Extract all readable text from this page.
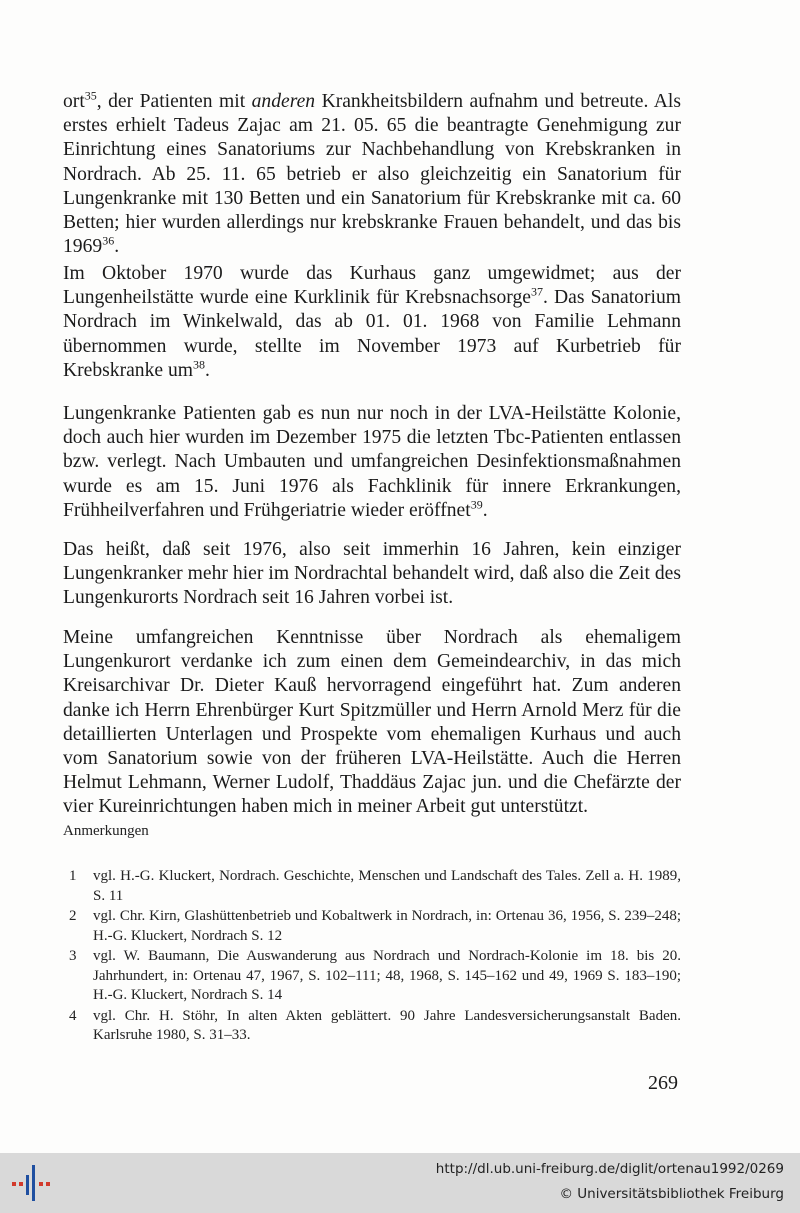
ort$^{35}$, der Patienten mit anderen Krankheitsbildern aufnahm und betreute. Als erstes erhielt Tadeus Zajac am 21. 05. 65 die beantragte Genehmigung zur Einrichtung eines Sanatoriums zur Nachbehandlung von Krebskranken in Nordrach. Ab 25. 11. 65 betrieb er also gleichzeitig ein Sanatorium für Lungenkranke mit 130 Betten und ein Sanatorium für Krebskranke mit ca. 60 Betten; hier wurden allerdings nur krebskranke Frauen behandelt, und das bis 1969$^{36}$.

Im Oktober 1970 wurde das Kurhaus ganz umgewidmet; aus der Lungenheilstätte wurde eine Kurklinik für Krebsnachsorge$^{37}$. Das Sanatorium Nordrach im Winkelwald, das ab 01. 01. 1968 von Familie Lehmann übernommen wurde, stellte im November 1973 auf Kurbetrieb für Krebskranke $um^{38}$.

Lungenkranke Patienten gab es nun nur noch in der LVA-Heilstätte Kolonie, doch auch hier wurden im Dezember 1975 die letzten Tbc-Patienten entlassen bzw. verlegt. Nach Umbauten und umfangreichen Desinfektionsmaßnahmen wurde es am 15. Juni 1976 als Fachklinik für innere Erkrankungen, Frühheilverfahren und Frühgeriatrie wieder eröffnet$^{39}$.

Das heißt, daß seit 1976, also seit immerhin 16 Jahren, kein einziger Lungenkranker mehr hier im Nordrachtal behandelt wird, daß also die Zeit des Lungenkurorts Nordrach seit 16 Jahren vorbei ist.

Meine umfangreichen Kenntnisse über Nordrach als ehemaligem Lungenkurort verdanke ich zum einen dem Gemeindearchiv, in das mich Kreisarchivar Dr. Dieter Kauß hervorragend eingeführt hat. Zum anderen danke ich Herrn Ehrenbürger Kurt Spitzmüller und Herrn Arnold Merz für die detaillierten Unterlagen und Prospekte vom ehemaligen Kurhaus und auch vom Sanatorium sowie von der früheren LVA-Heilstätte. Auch die Herren Helmut Lehmann, Werner Ludolf, Thaddäus Zajac jun. und die Chefärzte der vier Kureinrichtungen haben mich in meiner Arbeit gut unterstützt.

Anmerkungen
1	vgl. H.-G. Kluckert, Nordrach. Geschichte, Menschen und Landschaft des Tales. Zell a. H. 1989, S. 11
2	vgl. Chr. Kirn, Glashüttenbetrieb und Kobaltwerk in Nordrach, in: Ortenau 36, 1956, S. 239–248; H.-G. Kluckert, Nordrach S. 12
3	vgl. W. Baumann, Die Auswanderung aus Nordrach und Nordrach-Kolonie im 18. bis 20. Jahrhundert, in: Ortenau 47, 1967, S. 102–111; 48, 1968, S. 145–162 und 49, 1969 S. 183–190; H.-G. Kluckert, Nordrach S. 14
4	vgl. Chr. H. Stöhr, In alten Akten geblättert. 90 Jahre Landesversicherungsanstalt Baden. Karlsruhe 1980, S. 31–33.
269
http://dl.ub.uni-freiburg.de/diglit/ortenau1992/0269
© Universitätsbibliothek Freiburg
